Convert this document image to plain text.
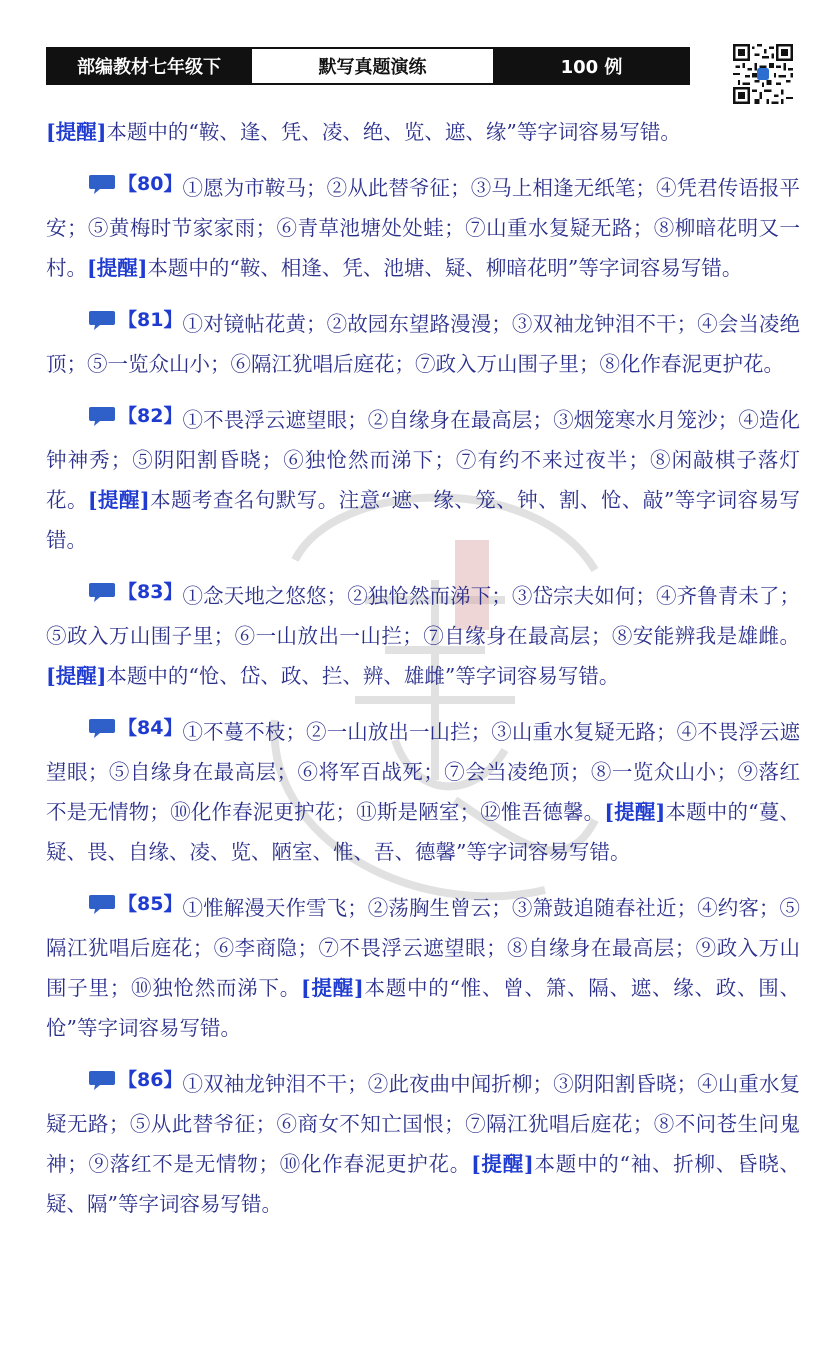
部编教材七年级下	默写真题演练	100 例

[提醒]本题中的“鞍、逢、凭、凌、绝、览、遮、缘”等字词容易写错。

【80】 ①愿为市鞍马；②从此替爷征；③马上相逢无纸笔；④凭君传语报平安；⑤黄梅时节家家雨；⑥青草池塘处处蛙；⑦山重水复疑无路；⑧柳暗花明又一村。[提醒]本题中的“鞍、相逢、凭、池塘、疑、柳暗花明”等字词容易写错。

【81】 ①对镜帖花黄；②故园东望路漫漫；③双袖龙钟泪不干；④会当凌绝顶；⑤一览众山小；⑥隔江犹唱后庭花；⑦政入万山围子里；⑧化作春泥更护花。

【82】 ①不畏浮云遮望眼；②自缘身在最高层；③烟笼寒水月笼沙；④造化钟神秀；⑤阴阳割昏晓；⑥独怆然而涕下；⑦有约不来过夜半；⑧闲敲棋子落灯花。[提醒]本题考查名句默写。注意“遮、缘、笼、钟、割、怆、敲”等字词容易写错。

【83】 ①念天地之悠悠；②独怆然而涕下；③岱宗夫如何；④齐鲁青未了；⑤政入万山围子里；⑥一山放出一山拦；⑦自缘身在最高层；⑧安能辨我是雄雌。[提醒]本题中的“怆、岱、政、拦、辨、雄雌”等字词容易写错。

【84】 ①不蔓不枝；②一山放出一山拦；③山重水复疑无路；④不畏浮云遮望眼；⑤自缘身在最高层；⑥将军百战死；⑦会当凌绝顶；⑧一览众山小；⑨落红不是无情物；⑩化作春泥更护花；⑪斯是陋室；⑫惟吾德馨。[提醒]本题中的“蔓、疑、畏、自缘、凌、览、陋室、惟、吾、德馨”等字词容易写错。

【85】 ①惟解漫天作雪飞；②荡胸生曾云；③箫鼓追随春社近；④约客；⑤隔江犹唱后庭花；⑥李商隐；⑦不畏浮云遮望眼；⑧自缘身在最高层；⑨政入万山围子里；⑩独怆然而涕下。[提醒]本题中的“惟、曾、箫、隔、遮、缘、政、围、怆”等字词容易写错。

【86】 ①双袖龙钟泪不干；②此夜曲中闻折柳；③阴阳割昏晓；④山重水复疑无路；⑤从此替爷征；⑥商女不知亡国恨；⑦隔江犹唱后庭花；⑧不问苍生问鬼神；⑨落红不是无情物；⑩化作春泥更护花。[提醒]本题中的“袖、折柳、昏晓、疑、隔”等字词容易写错。
